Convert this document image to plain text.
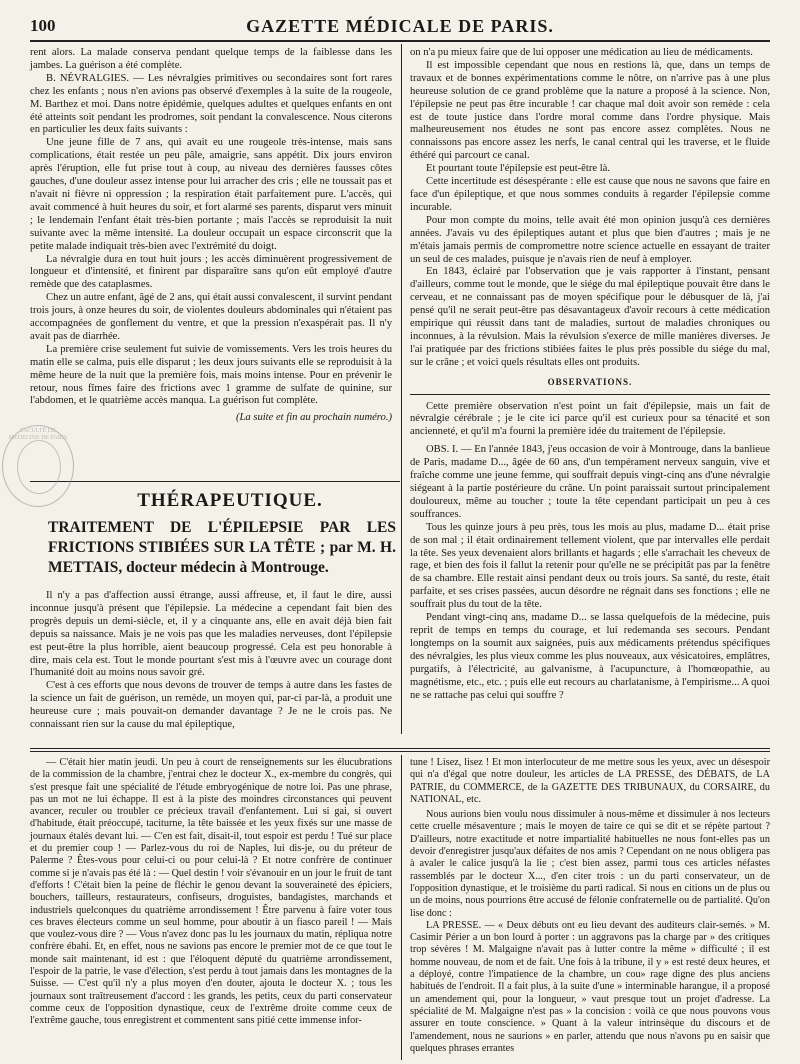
100	GAZETTE MÉDICALE DE PARIS.

rent alors. La malade conserva pendant quelque temps de la faiblesse dans les jambes. La guérison a été complète.

B. NÉVRALGIES. — Les névralgies primitives ou secondaires sont fort rares chez les enfants ; nous n'en avions pas observé d'exemples à la suite de la rougeole, M. Barthez et moi. Dans notre épidémie, quelques adultes et quelques enfants en ont été atteints soit pendant les prodromes, soit pendant la convalescence. Nous citerons en particulier les deux faits suivants :

Une jeune fille de 7 ans, qui avait eu une rougeole très-intense, mais sans complications, était restée un peu pâle, amaigrie, sans appétit. Dix jours environ après l'éruption, elle fut prise tout à coup, au niveau des dernières fausses côtes gauches, d'une douleur assez intense pour lui arracher des cris ; elle ne toussait pas et n'avait ni fièvre ni oppression ; la respiration était parfaitement pure. L'accès, qui avait commencé à huit heures du soir, et fort alarmé ses parents, disparut vers minuit ; le lendemain l'enfant était très-bien portante ; mais l'accès se reproduisit la nuit suivante avec la même intensité. La douleur occupait un espace circonscrit que la petite malade indiquait très-bien avec l'extrémité du doigt.

La névralgie dura en tout huit jours ; les accès diminuèrent progressivement de longueur et d'intensité, et finirent par disparaître sans qu'on eût employé d'autre remède que des cataplasmes.

Chez un autre enfant, âgé de 2 ans, qui était aussi convalescent, il survint pendant trois jours, à onze heures du soir, de violentes douleurs abdominales qui n'étaient pas accompagnées de gonflement du ventre, et que la pression n'exaspérait pas. Il n'y avait pas de diarrhée.

La première crise seulement fut suivie de vomissements. Vers les trois heures du matin elle se calma, puis elle disparut ; les deux jours suivants elle se reproduisit à la même heure de la nuit que la première fois, mais moins intense. Pour en prévenir le retour, nous fîmes faire des frictions avec 1 gramme de sulfate de quinine, sur l'abdomen, et le quatrième accès manqua. La guérison fut complète.

(La suite et fin au prochain numéro.)

FACULTÉ DE MÉDECINE DE PARIS
THÉRAPEUTIQUE.
TRAITEMENT DE L'ÉPILEPSIE PAR LES FRICTIONS STIBIÉES SUR LA TÊTE ; par M. H. METTAIS, docteur médecin à Montrouge.

Il n'y a pas d'affection aussi étrange, aussi affreuse, et, il faut le dire, aussi inconnue jusqu'à présent que l'épilepsie. La médecine a cependant fait bien des progrès depuis un demi-siècle, et, il y a cinquante ans, elle en avait déjà bien fait depuis sa naissance. Mais je ne vois pas que les maladies nerveuses, dont l'épilepsie est peut-être la plus horrible, aient beaucoup progressé. Cela est peu honorable à dire, mais cela est. Tout le monde pourtant s'est mis à l'œuvre avec un courage dont l'humanité doit au moins nous savoir gré.

C'est à ces efforts que nous devons de trouver de temps à autre dans les fastes de la science un fait de guérison, un remède, un moyen qui, par-ci par-là, a produit une heureuse cure ; mais pouvait-on demander davantage ? Je ne le crois pas. Ne connaissant rien sur la cause du mal épileptique,

on n'a pu mieux faire que de lui opposer une médication au lieu de médicaments.

Il est impossible cependant que nous en restions là, que, dans un temps de travaux et de bonnes expérimentations comme le nôtre, on n'arrive pas à une plus heureuse solution de ce grand problème que la nature a proposé à la science. Non, l'épilepsie ne peut pas être incurable ! car chaque mal doit avoir son remède : cela est de toute justice dans l'ordre moral comme dans l'ordre physique. Mais malheureusement nos études ne sont pas encore assez complètes. Nous ne connaissons pas encore assez les nerfs, le canal central qui les traverse, et le fluide éthéré qui parcourt ce canal.

Et pourtant toute l'épilepsie est peut-être là.

Cette incertitude est désespérante : elle est cause que nous ne savons que faire en face d'un épileptique, et que nous sommes conduits à regarder l'épilepsie comme incurable.

Pour mon compte du moins, telle avait été mon opinion jusqu'à ces dernières années. J'avais vu des épileptiques autant et plus que bien d'autres ; mais je ne m'étais jamais permis de compromettre notre science actuelle en essayant de traiter un seul de ces malades, puisque je n'avais rien de neuf à employer.

En 1843, éclairé par l'observation que je vais rapporter à l'instant, pensant d'ailleurs, comme tout le monde, que le siége du mal épileptique pouvait être dans le cerveau, et ne connaissant pas de moyen spécifique pour le débusquer de là, j'ai pensé qu'il ne serait peut-être pas désavantageux d'avoir recours à cette médication empirique qui réussit dans tant de maladies, surtout de maladies chroniques ou inconnues, à la révulsion. Mais la révulsion s'exerce de mille manières diverses. Je l'ai pratiquée par des frictions stibiées faites le plus près possible du siége du mal, sur le crâne ; et voici quels résultats elles ont produits.

OBSERVATIONS.

Cette première observation n'est point un fait d'épilepsie, mais un fait de névralgie cérébrale ; je le cite ici parce qu'il est curieux pour sa ténacité et son ancienneté, et qu'il m'a fourni la première idée du traitement de l'épilepsie.

OBS. I. — En l'année 1843, j'eus occasion de voir à Montrouge, dans la banlieue de Paris, madame D..., âgée de 60 ans, d'un tempérament nerveux sanguin, vive et fraîche comme une jeune femme, qui souffrait depuis vingt-cinq ans d'une névralgie siégeant à la partie postérieure du crâne. Un point paraissait surtout principalement douloureux, même au toucher ; toute la tête cependant participait un peu à ces souffrances.

Tous les quinze jours à peu près, tous les mois au plus, madame D... était prise de son mal ; il était ordinairement tellement violent, que par intervalles elle perdait la tête. Ses yeux devenaient alors brillants et hagards ; elle s'arrachait les cheveux de rage, et bien des fois il fallut la retenir pour qu'elle ne se précipitât pas par la fenêtre de sa chambre. Elle restait ainsi pendant deux ou trois jours. Sa santé, du reste, était parfaite, et ses crises passées, aucun désordre ne régnait dans ses fonctions ; elle ne souffrait plus du tout de la tête.

Pendant vingt-cinq ans, madame D... se lassa quelquefois de la médecine, puis reprit de temps en temps du courage, et lui redemanda ses secours. Pendant longtemps on la soumit aux saignées, puis aux médicaments prétendus spécifiques des névralgies, les plus vieux comme les plus nouveaux, aux vésicatoires, emplâtres, purgatifs, à l'électricité, au galvanisme, à l'acupuncture, à l'homœopathie, au magnétisme, etc., etc. ; puis elle eut recours au charlatanisme, à l'empirisme... A quoi ne se rattache pas celui qui souffre ?

— C'était hier matin jeudi. Un peu à court de renseignements sur les élucubrations de la commission de la chambre, j'entrai chez le docteur X., ex-membre du congrès, qui s'est presque fait une spécialité de l'étude embryogénique de notre loi. Pas une phrase, pas un mot ne lui échappe. Il est à la piste des moindres circonstances qui peuvent avancer, reculer ou troubler ce précieux travail d'enfantement. Lui si gai, si ouvert d'habitude, était préoccupé, taciturne, la tête baissée et les yeux fixés sur une masse de journaux étalés devant lui. — C'en est fait, disait-il, tout espoir est perdu ! Tué sur place et du premier coup ! — Parlez-vous du roi de Naples, lui dis-je, ou du préteur de Palerme ? Êtes-vous pour celui-ci ou pour celui-là ? Et notre confrère de continuer comme si je n'avais pas été là : — Quel destin ! voir s'évanouir en un jour le fruit de tant d'efforts ! C'était bien la peine de fléchir le genou devant la souveraineté des épiciers, bouchers, tailleurs, restaurateurs, confiseurs, droguistes, bandagistes, marchands et industriels quelconques du quatrième arrondissement ! Être parvenu à faire voter tous ces braves électeurs comme un seul homme, pour aboutir à un fiasco pareil ! — Mais que voulez-vous dire ? — Vous n'avez donc pas lu les journaux du matin, répliqua notre confrère ébahi. Et, en effet, nous ne savions pas encore le premier mot de ce que tout le monde sait maintenant, id est : que l'éloquent député du quatrième arrondissement, l'espoir de la patrie, le vase d'élection, s'est perdu à tout jamais dans les montagnes de la Suisse. — C'est qu'il n'y a plus moyen d'en douter, ajouta le docteur X. ; tous les journaux sont traîtreusement d'accord : les grands, les petits, ceux du parti conservateur comme ceux de l'opposition dynastique, ceux de l'extrême droite comme ceux de l'extrême gauche, tous enregistrent et commentent sans pitié cette immense infor-

tune ! Lisez, lisez ! Et mon interlocuteur de me mettre sous les yeux, avec un désespoir qui n'a d'égal que notre douleur, les articles de LA PRESSE, des DÉBATS, de LA PATRIE, du COMMERCE, de la GAZETTE DES TRIBUNAUX, du CORSAIRE, du NATIONAL, etc.

Nous aurions bien voulu nous dissimuler à nous-même et dissimuler à nos lecteurs cette cruelle mésaventure ; mais le moyen de taire ce qui se dit et se répète partout ? D'ailleurs, notre exactitude et notre impartialité habituelles ne nous font-elles pas un devoir d'enregistrer jusqu'aux défaites de nos amis ? Cependant on ne nous obligera pas à avaler le calice jusqu'à la lie ; c'est bien assez, parmi tous ces articles néfastes rassemblés par le docteur X..., d'en citer trois : un du parti conservateur, un de l'opposition dynastique, et le troisième du parti radical. Si nous en citions un de plus ou un de moins, nous pourrions être accusé de félonie confraternelle ou de partialité. Qu'on lise donc :

LA PRESSE. — « Deux débuts ont eu lieu devant des auditeurs clair-semés. » M. Casimir Périer a un bon lourd à porter : un aggravons pas la charge par » des critiques trop sévères ! M. Malgaigne n'avait pas à lutter contre la même » difficulté ; il est homme nouveau, de nom et de fait. Une fois à la tribune, il y » est resté deux heures, et a déployé, contre l'impatience de la chambre, un cou» rage digne des plus anciens habitués de l'endroit. Il a fait plus, à la suite d'une » interminable harangue, il a proposé un amendement qui, pour la longueur, » vaut presque tout un projet d'adresse. La spécialité de M. Malgaigne n'est pas » la concision : voilà ce que nous pouvons vous assurer en toute conscience. » Quant à la valeur intrinsèque du discours et de l'amendement, nous ne saurions » en parler, attendu que nous n'avons pu en saisir que quelques phrases errantes
